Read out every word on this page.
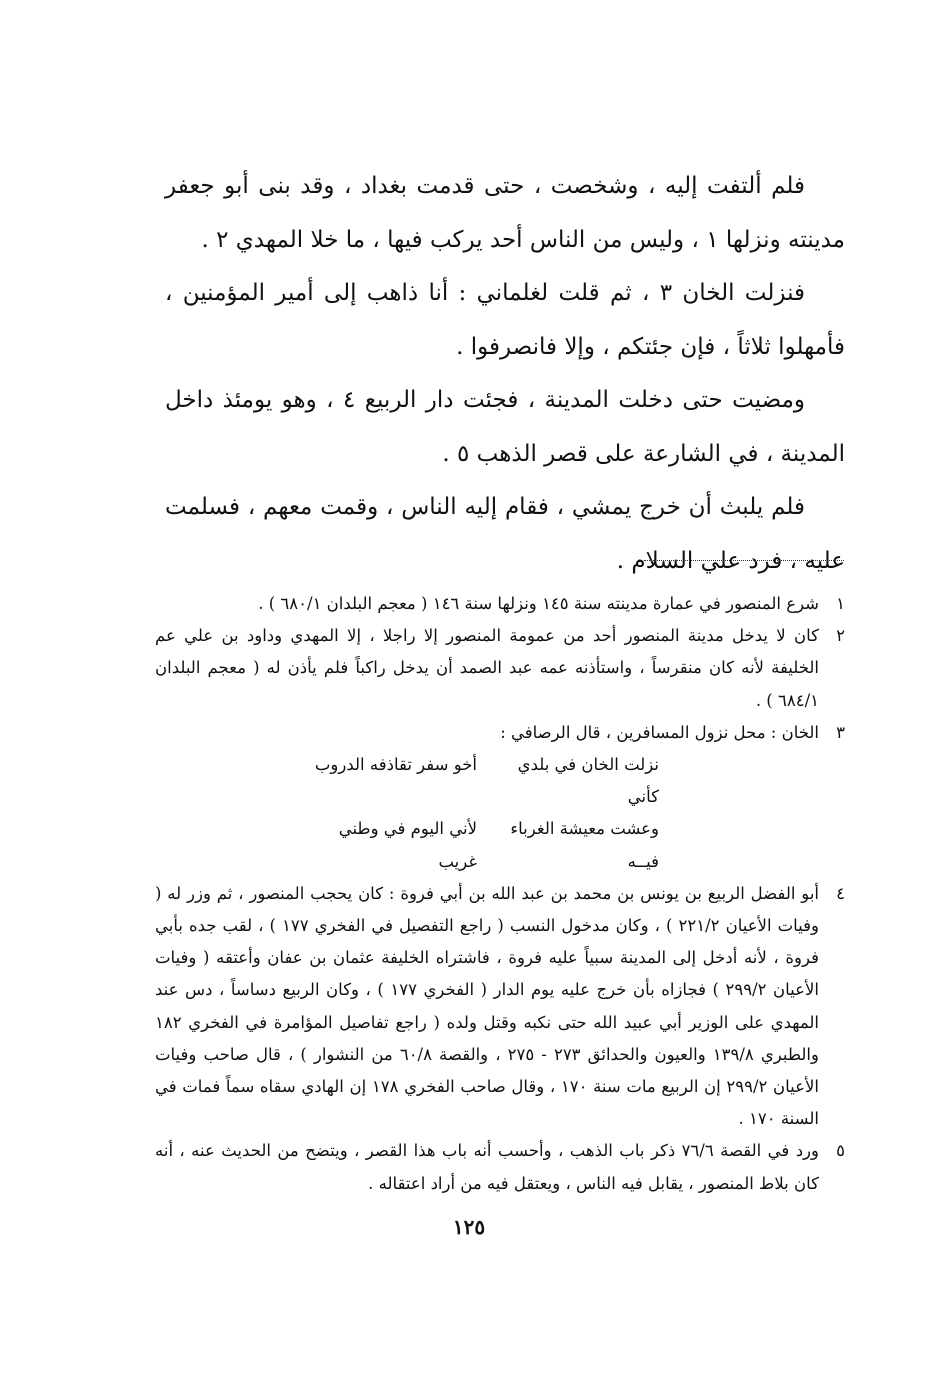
فلم ألتفت إليه ، وشخصت ، حتى قدمت بغداد ، وقد بنى أبو جعفر مدينته ونزلها ١ ، وليس من الناس أحد يركب فيها ، ما خلا المهدي ٢ .

فنزلت الخان ٣ ، ثم قلت لغلماني : أنا ذاهب إلى أمير المؤمنين ، فأمهلوا ثلاثاً ، فإن جئتكم ، وإلا فانصرفوا .

ومضيت حتى دخلت المدينة ، فجئت دار الربيع ٤ ، وهو يومئذ داخل المدينة ، في الشارعة على قصر الذهب ٥ .

فلم يلبث أن خرج يمشي ، فقام إليه الناس ، وقمت معهم ، فسلمت عليه ، فرد علي السلام .

١
شرع المنصور في عمارة مدينته سنة ١٤٥ ونزلها سنة ١٤٦ ( معجم البلدان ٦٨٠/١ ) .
٢
كان لا يدخل مدينة المنصور أحد من عمومة المنصور إلا راجلا ، إلا المهدي وداود بن علي عم الخليفة لأنه كان منقرساً ، واستأذنه عمه عبد الصمد أن يدخل راكباً فلم يأذن له ( معجم البلدان ٦٨٤/١ ) .
٣
الخان : محل نزول المسافرين ، قال الرصافي :
نزلت الخان في بلدي كأني
أخو سفر تقاذفه الدروب
وعشت معيشة الغرباء فيــه
لأني اليوم في وطني غريب
٤
أبو الفضل الربيع بن يونس بن محمد بن عبد الله بن أبي فروة : كان يحجب المنصور ، ثم وزر له ( وفيات الأعيان ٢٢١/٢ ) ، وكان مدخول النسب ( راجع التفصيل في الفخري ١٧٧ ) ، لقب جده بأبي فروة ، لأنه أدخل إلى المدينة سبياً عليه فروة ، فاشتراه الخليفة عثمان بن عفان وأعتقه ( وفيات الأعيان ٢٩٩/٢ ) فجازاه بأن خرج عليه يوم الدار ( الفخري ١٧٧ ) ، وكان الربيع دساساً ، دس عند المهدي على الوزير أبي عبيد الله حتى نكبه وقتل ولده ( راجع تفاصيل المؤامرة في الفخري ١٨٢ والطبري ١٣٩/٨ والعيون والحدائق ٢٧٣ - ٢٧٥ ، والقصة ٦٠/٨ من النشوار ) ، قال صاحب وفيات الأعيان ٢٩٩/٢ إن الربيع مات سنة ١٧٠ ، وقال صاحب الفخري ١٧٨ إن الهادي سقاه سماً فمات في السنة ١٧٠ .
٥
ورد في القصة ٧٦/٦ ذكر باب الذهب ، وأحسب أنه باب هذا القصر ، ويتضح من الحديث عنه ، أنه كان بلاط المنصور ، يقابل فيه الناس ، ويعتقل فيه من أراد اعتقاله .
١٢٥
